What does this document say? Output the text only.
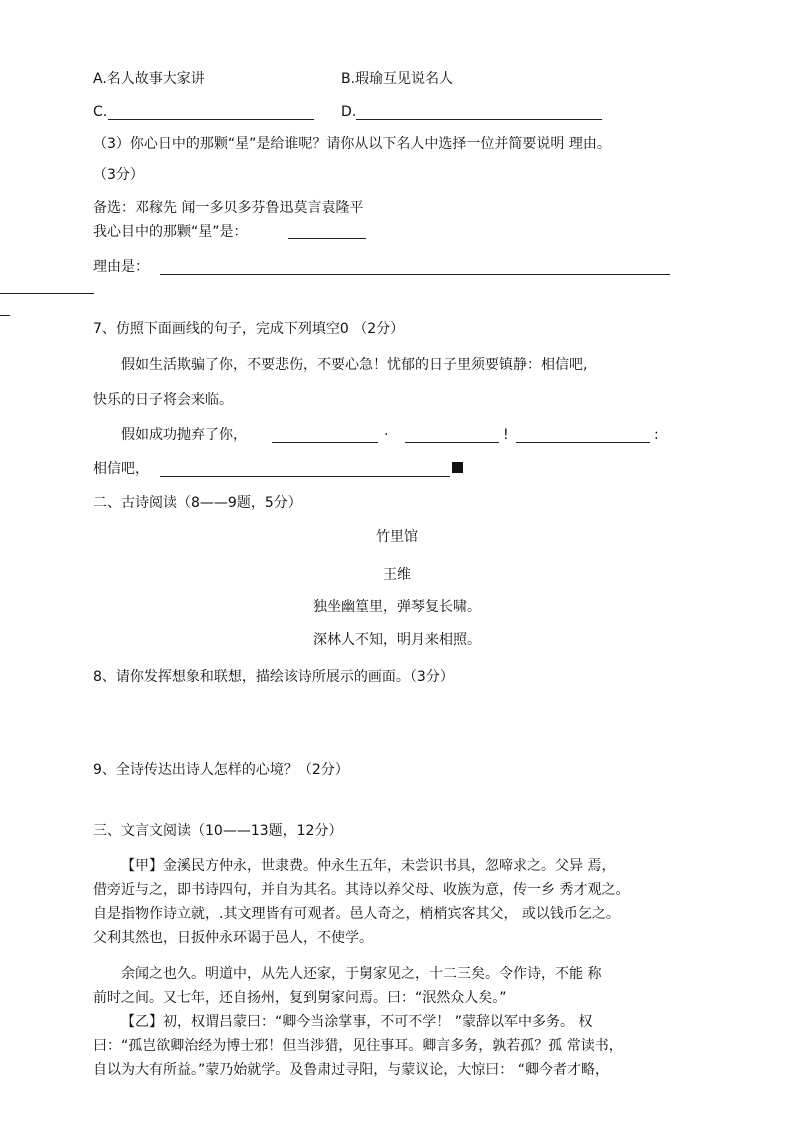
A.名人故事大家讲	B.瑕瑜互见说名人
C.	D.
（3）你心日中的那颗“星”是给谁呢？请你从以下名人中选择一位并简要说明 理由。
（3分）
备选：邓稼先 闻一多贝多芬鲁迅莫言袁隆平
我心目中的那颗“星”是：
理由是：
7、仿照下面画线的句子，完成下列填空0 （2分）
假如生活欺骗了你，不要悲伤，不要心急！忧郁的日子里须要镇静：相信吧,
快乐的日子将会来临。
假如成功抛弃了你，	·	!	:
相信吧，
二、古诗阅读（8——9题，5分）
竹里馆
王维
独坐幽篁里，弹琴复长啸。
深林人不知，明月来相照。
8、请你发挥想象和联想，描绘该诗所展示的画面。（3分）
9、全诗传达出诗人怎样的心境？（2分）
三、文言文阅读（10——13题，12分）
【甲】金溪民方仲永，世隶费。仲永生五年，未尝识书具，忽啼求之。父异 焉，
借旁近与之，即书诗四句，并自为其名。其诗以养父母、收族为意，传一乡 秀才观之。
自是指物作诗立就，.其文理皆有可观者。邑人奇之，梢梢宾客其父， 或以钱币乞之。
父利其然也，日扳仲永环谒于邑人，不使学。
余闻之也久。明道中，从先人还家，于舅家见之，十二三矣。令作诗，不能 称
前时之间。又七年，还自扬州，复到舅家问焉。曰：“泯然众人矣。”
【乙】初，权谓吕蒙曰：“卿今当涂掌事，不可不学！ ”蒙辞以军中多务。 权
曰：“孤岂欲卿治经为博士邪！但当涉猎，见往事耳。卿言多务，孰若孤？孤 常读书，
自以为大有所益。”蒙乃始就学。及鲁肃过寻阳，与蒙议论，大惊曰： “卿今者才略，
